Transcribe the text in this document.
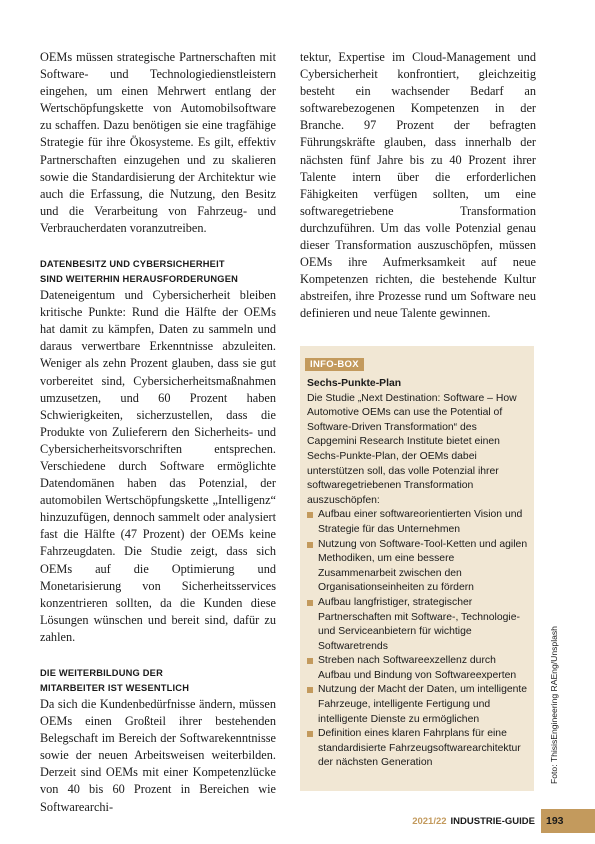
OEMs müssen strategische Partnerschaften mit Software- und Technologiedienstleistern eingehen, um einen Mehrwert entlang der Wertschöpfungskette von Automobilsoftware zu schaffen. Dazu benötigen sie eine tragfähige Strategie für ihre Ökosysteme. Es gilt, effektiv Partnerschaften einzugehen und zu skalieren sowie die Standardisierung der Architektur wie auch die Erfassung, die Nutzung, den Besitz und die Verarbeitung von Fahrzeug- und Verbraucherdaten voranzutreiben.

DATENBESITZ UND CYBERSICHERHEIT
SIND WEITERHIN HERAUSFORDERUNGEN

Dateneigentum und Cybersicherheit bleiben kritische Punkte: Rund die Hälfte der OEMs hat damit zu kämpfen, Daten zu sammeln und daraus verwertbare Erkenntnisse abzuleiten. Weniger als zehn Prozent glauben, dass sie gut vorbereitet sind, Cybersicherheitsmaßnahmen umzusetzen, und 60 Prozent haben Schwierigkeiten, sicherzustellen, dass die Produkte von Zulieferern den Sicherheits- und Cybersicherheitsvorschriften entsprechen. Verschiedene durch Software ermöglichte Datendomänen haben das Potenzial, der automobilen Wertschöpfungskette „Intelligenz“ hinzuzufügen, dennoch sammelt oder analysiert fast die Hälfte (47 Prozent) der OEMs keine Fahrzeugdaten. Die Studie zeigt, dass sich OEMs auf die Optimierung und Monetarisierung von Sicherheitsservices konzentrieren sollten, da die Kunden diese Lösungen wünschen und bereit sind, dafür zu zahlen.

DIE WEITERBILDUNG DER
MITARBEITER IST WESENTLICH

Da sich die Kundenbedürfnisse ändern, müssen OEMs einen Großteil ihrer bestehenden Belegschaft im Bereich der Softwarekenntnisse sowie der neuen Arbeitsweisen weiterbilden. Derzeit sind OEMs mit einer Kompetenzlücke von 40 bis 60 Prozent in Bereichen wie Softwarearchi-

tektur, Expertise im Cloud-Management und Cybersicherheit konfrontiert, gleichzeitig besteht ein wachsender Bedarf an softwarebezogenen Kompetenzen in der Branche. 97 Prozent der befragten Führungskräfte glauben, dass innerhalb der nächsten fünf Jahre bis zu 40 Prozent ihrer Talente intern über die erforderlichen Fähigkeiten verfügen sollten, um eine softwaregetriebene Transformation durchzuführen. Um das volle Potenzial genau dieser Transformation auszuschöpfen, müssen OEMs ihre Aufmerksamkeit auf neue Kompetenzen richten, die bestehende Kultur abstreifen, ihre Prozesse rund um Software neu definieren und neue Talente gewinnen.

INFO-BOX
Sechs-Punkte-Plan

Die Studie „Next Destination: Software – How Automotive OEMs can use the Potential of Software-Driven Transformation“ des Capgemini Research Institute bietet einen Sechs-Punkte-Plan, der OEMs dabei unterstützen soll, das volle Potenzial ihrer softwaregetriebenen Transformation auszuschöpfen:

Aufbau einer softwareorientierten Vision und Strategie für das Unternehmen
Nutzung von Software-Tool-Ketten und agilen Methodiken, um eine bessere Zusammenarbeit zwischen den Organisationseinheiten zu fördern
Aufbau langfristiger, strategischer Partnerschaften mit Software-, Technologie- und Serviceanbietern für wichtige Softwaretrends
Streben nach Softwareexzellenz durch Aufbau und Bindung von Softwareexperten
Nutzung der Macht der Daten, um intelligente Fahrzeuge, intelligente Fertigung und intelligente Dienste zu ermöglichen
Definition eines klaren Fahrplans für eine standardisierte Fahrzeugsoftwarearchitektur der nächsten Generation	Foto: ThisisEngineering RAEng/Unsplash
2021/22 INDUSTRIE-GUIDE	193
